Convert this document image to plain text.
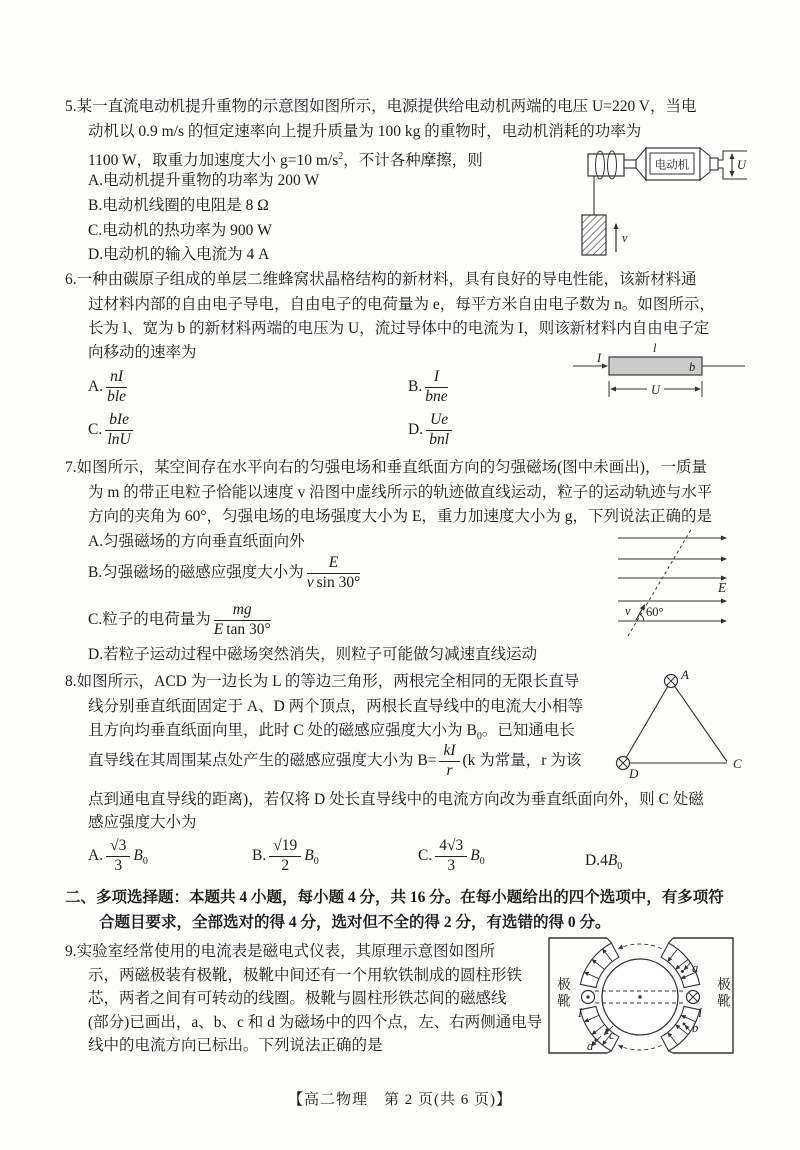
5.某一直流电动机提升重物的示意图如图所示，电源提供给电动机两端的电压 U=220 V，当电
动机以 0.9 m/s 的恒定速率向上提升质量为 100 kg 的重物时，电动机消耗的功率为
1100 W，取重力加速度大小 g=10 $m/s^2$，不计各种摩擦，则
A.电动机提升重物的功率为 200 W
B.电动机线圈的电阻是 8 Ω
C.电动机的热功率为 900 W
D.电动机的输入电流为 4 A
电动机	U
v
6.一种由碳原子组成的单层二维蜂窝状晶格结构的新材料，具有良好的导电性能，该新材料通
过材料内部的自由电子导电，自由电子的电荷量为 e，每平方米自由电子数为 n。如图所示，
长为 l、宽为 b 的新材料两端的电压为 U，流过导体中的电流为 I，则该新材料内自由电子定
向移动的速率为
A. $\frac{nI}{\text{ble}}$	B. $\frac{I}{\text{bne}}$
C. $\frac{\text{bIe}}{\ln U}$	D. $\frac{Ue}{\text{bnl}}$
I
l
b
U
7.如图所示，某空间存在水平向右的匀强电场和垂直纸面方向的匀强磁场(图中未画出)，一质量
为 m 的带正电粒子恰能以速度 v 沿图中虚线所示的轨迹做直线运动，粒子的运动轨迹与水平
方向的夹角为 60°，匀强电场的电场强度大小为 E，重力加速度大小为 g，下列说法正确的是
A.匀强磁场的方向垂直纸面向外
B.匀强磁场的磁感应强度大小为 $\frac{E}{\text{v sin 30°}}$
C.粒子的电荷量为 $\frac{mg}{\text{E tan 30°}}$
D.若粒子运动过程中磁场突然消失，则粒子可能做匀减速直线运动
E
v 60°
8.如图所示，ACD 为一边长为 L 的等边三角形，两根完全相同的无限长直导
线分别垂直纸面固定于 A、D 两个顶点，两根长直导线中的电流大小相等
且方向均垂直纸面向里，此时 C 处的磁感应强度大小为 $B_0$。已知通电长
直导线在其周围某点处产生的磁感应强度大小为 $B= \frac{kI}{r} (k$ 为常量，r 为该
点到通电直导线的距离)，若仅将 D 处长直导线中的电流方向改为垂直纸面向外，则 C 处磁
感应强度大小为
A. $\frac{√3}{3} B_0$	B. $\frac{√19}{2} B_0$	C. $\frac{4√3}{3} B_0$	$D.4B_0$
A
D
C
二、多项选择题：本题共 4 小题，每小题 4 分，共 16 分。在每小题给出的四个选项中，有多项符
合题目要求，全部选对的得 4 分，选对但不全的得 2 分，有选错的得 0 分。
9.实验室经常使用的电流表是磁电式仪表，其原理示意图如图所
示，两磁极装有极靴，极靴中间还有一个用软铁制成的圆柱形铁
芯，两者之间有可转动的线圈。极靴与圆柱形铁芯间的磁感线
(部分)已画出，a、b、c 和 d 为磁场中的四个点，左、右两侧通电导
线中的电流方向已标出。下列说法正确的是
I	I
a
b
c
d
极靴	极靴
【高二物理　第 2 页(共 6 页)】
